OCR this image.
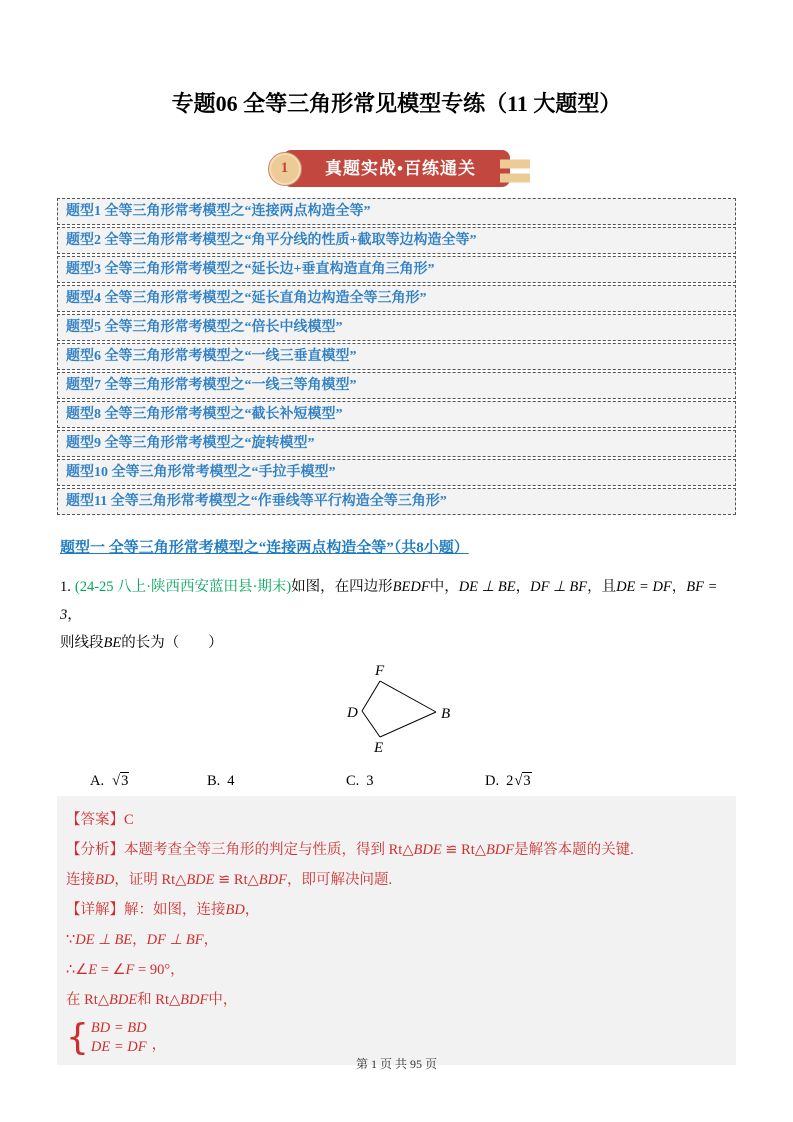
专题06 全等三角形常见模型专练（11 大题型）
1	真题实战•百练通关
题型1 全等三角形常考模型之“连接两点构造全等”
题型2 全等三角形常考模型之“角平分线的性质+截取等边构造全等”
题型3 全等三角形常考模型之“延长边+垂直构造直角三角形”
题型4 全等三角形常考模型之“延长直角边构造全等三角形”
题型5 全等三角形常考模型之“倍长中线模型”
题型6 全等三角形常考模型之“一线三垂直模型”
题型7 全等三角形常考模型之“一线三等角模型”
题型8 全等三角形常考模型之“截长补短模型”
题型9 全等三角形常考模型之“旋转模型”
题型10 全等三角形常考模型之“手拉手模型”
题型11 全等三角形常考模型之“作垂线等平行构造全等三角形”
题型一 全等三角形常考模型之“连接两点构造全等”（共8小题）
1. (24-25 八上·陕西西安蓝田县·期末)如图，在四边形BEDF中，DE ⊥ BE，DF ⊥ BF，且DE = DF，BF = 3，
则线段BE的长为（　　）
F
D	B
E
A. √3	B. 4	C. 3	D. 2√3
【答案】C
【分析】本题考查全等三角形的判定与性质，得到 Rt△BDE ≌ Rt△BDF是解答本题的关键.
连接BD，证明 Rt△BDE ≌ Rt△BDF，即可解决问题.
【详解】解：如图，连接BD，
∵DE ⊥ BE，DF ⊥ BF，
∴∠E = ∠F = 90°，
在 Rt△BDE和 Rt△BDF中，
{ BD = BD
DE = DF ，
第 1 页 共 95 页
